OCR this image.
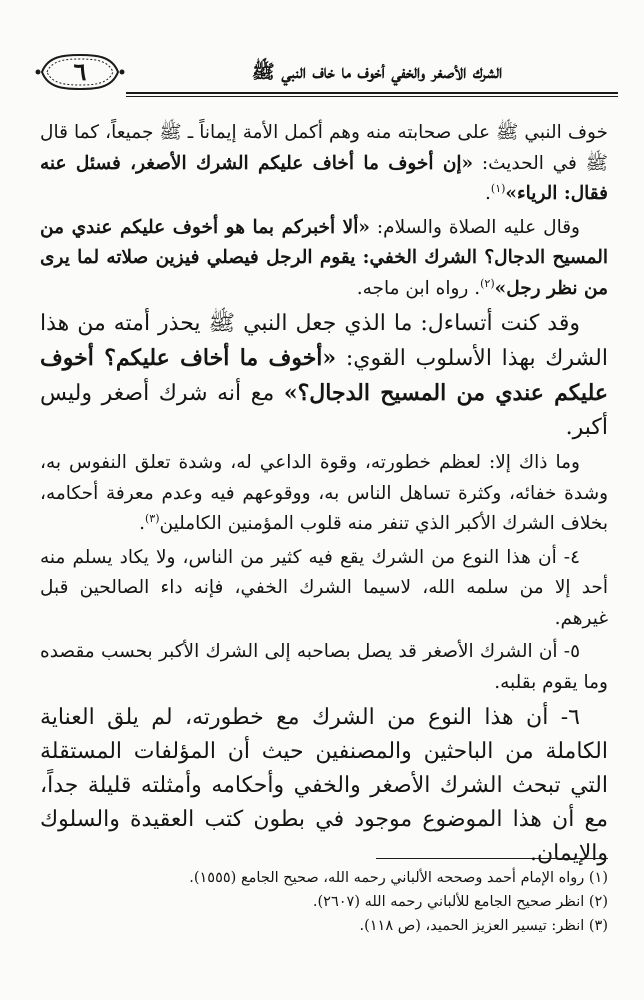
٦	الشرك الأصغر والخفي أخوف ما خاف النبي ﷺ

خوف النبي ﷺ على صحابته منه وهم أكمل الأمة إيماناً ـ ﷺ جميعاً، كما قال ﷺ في الحديث: «إن أخوف ما أخاف عليكم الشرك الأصغر، فسئل عنه فقال: الرياء»$^{(١)}$.

وقال عليه الصلاة والسلام: «ألا أخبركم بما هو أخوف عليكم عندي من المسيح الدجال؟ الشرك الخفي: يقوم الرجل فيصلي فيزين صلاته لما يرى من نظر رجل»$^{(٢)}$. رواه ابن ماجه.

وقد كنت أتساءل: ما الذي جعل النبي ﷺ يحذر أمته من هذا الشرك بهذا الأسلوب القوي: «أخوف ما أخاف عليكم؟ أخوف عليكم عندي من المسيح الدجال؟» مع أنه شرك أصغر وليس أكبر.

وما ذاك إلا: لعظم خطورته، وقوة الداعي له، وشدة تعلق النفوس به، وشدة خفائه، وكثرة تساهل الناس به، ووقوعهم فيه وعدم معرفة أحكامه، بخلاف الشرك الأكبر الذي تنفر منه قلوب المؤمنين الكاملين$^{(٣)}$.

٤- أن هذا النوع من الشرك يقع فيه كثير من الناس، ولا يكاد يسلم منه أحد إلا من سلمه الله، لاسيما الشرك الخفي، فإنه داء الصالحين قبل غيرهم.

٥- أن الشرك الأصغر قد يصل بصاحبه إلى الشرك الأكبر بحسب مقصده وما يقوم بقلبه.

٦- أن هذا النوع من الشرك مع خطورته، لم يلق العناية الكاملة من الباحثين والمصنفين حيث أن المؤلفات المستقلة التي تبحث الشرك الأصغر والخفي وأحكامه وأمثلته قليلة جداً، مع أن هذا الموضوع موجود في بطون كتب العقيدة والسلوك والإيمان.

(١) رواه الإمام أحمد وصححه الألباني رحمه الله، صحيح الجامع (١٥٥٥).
(٢) انظر صحيح الجامع للألباني رحمه الله (٢٦٠٧).
(٣) انظر: تيسير العزيز الحميد، (ص ١١٨).
